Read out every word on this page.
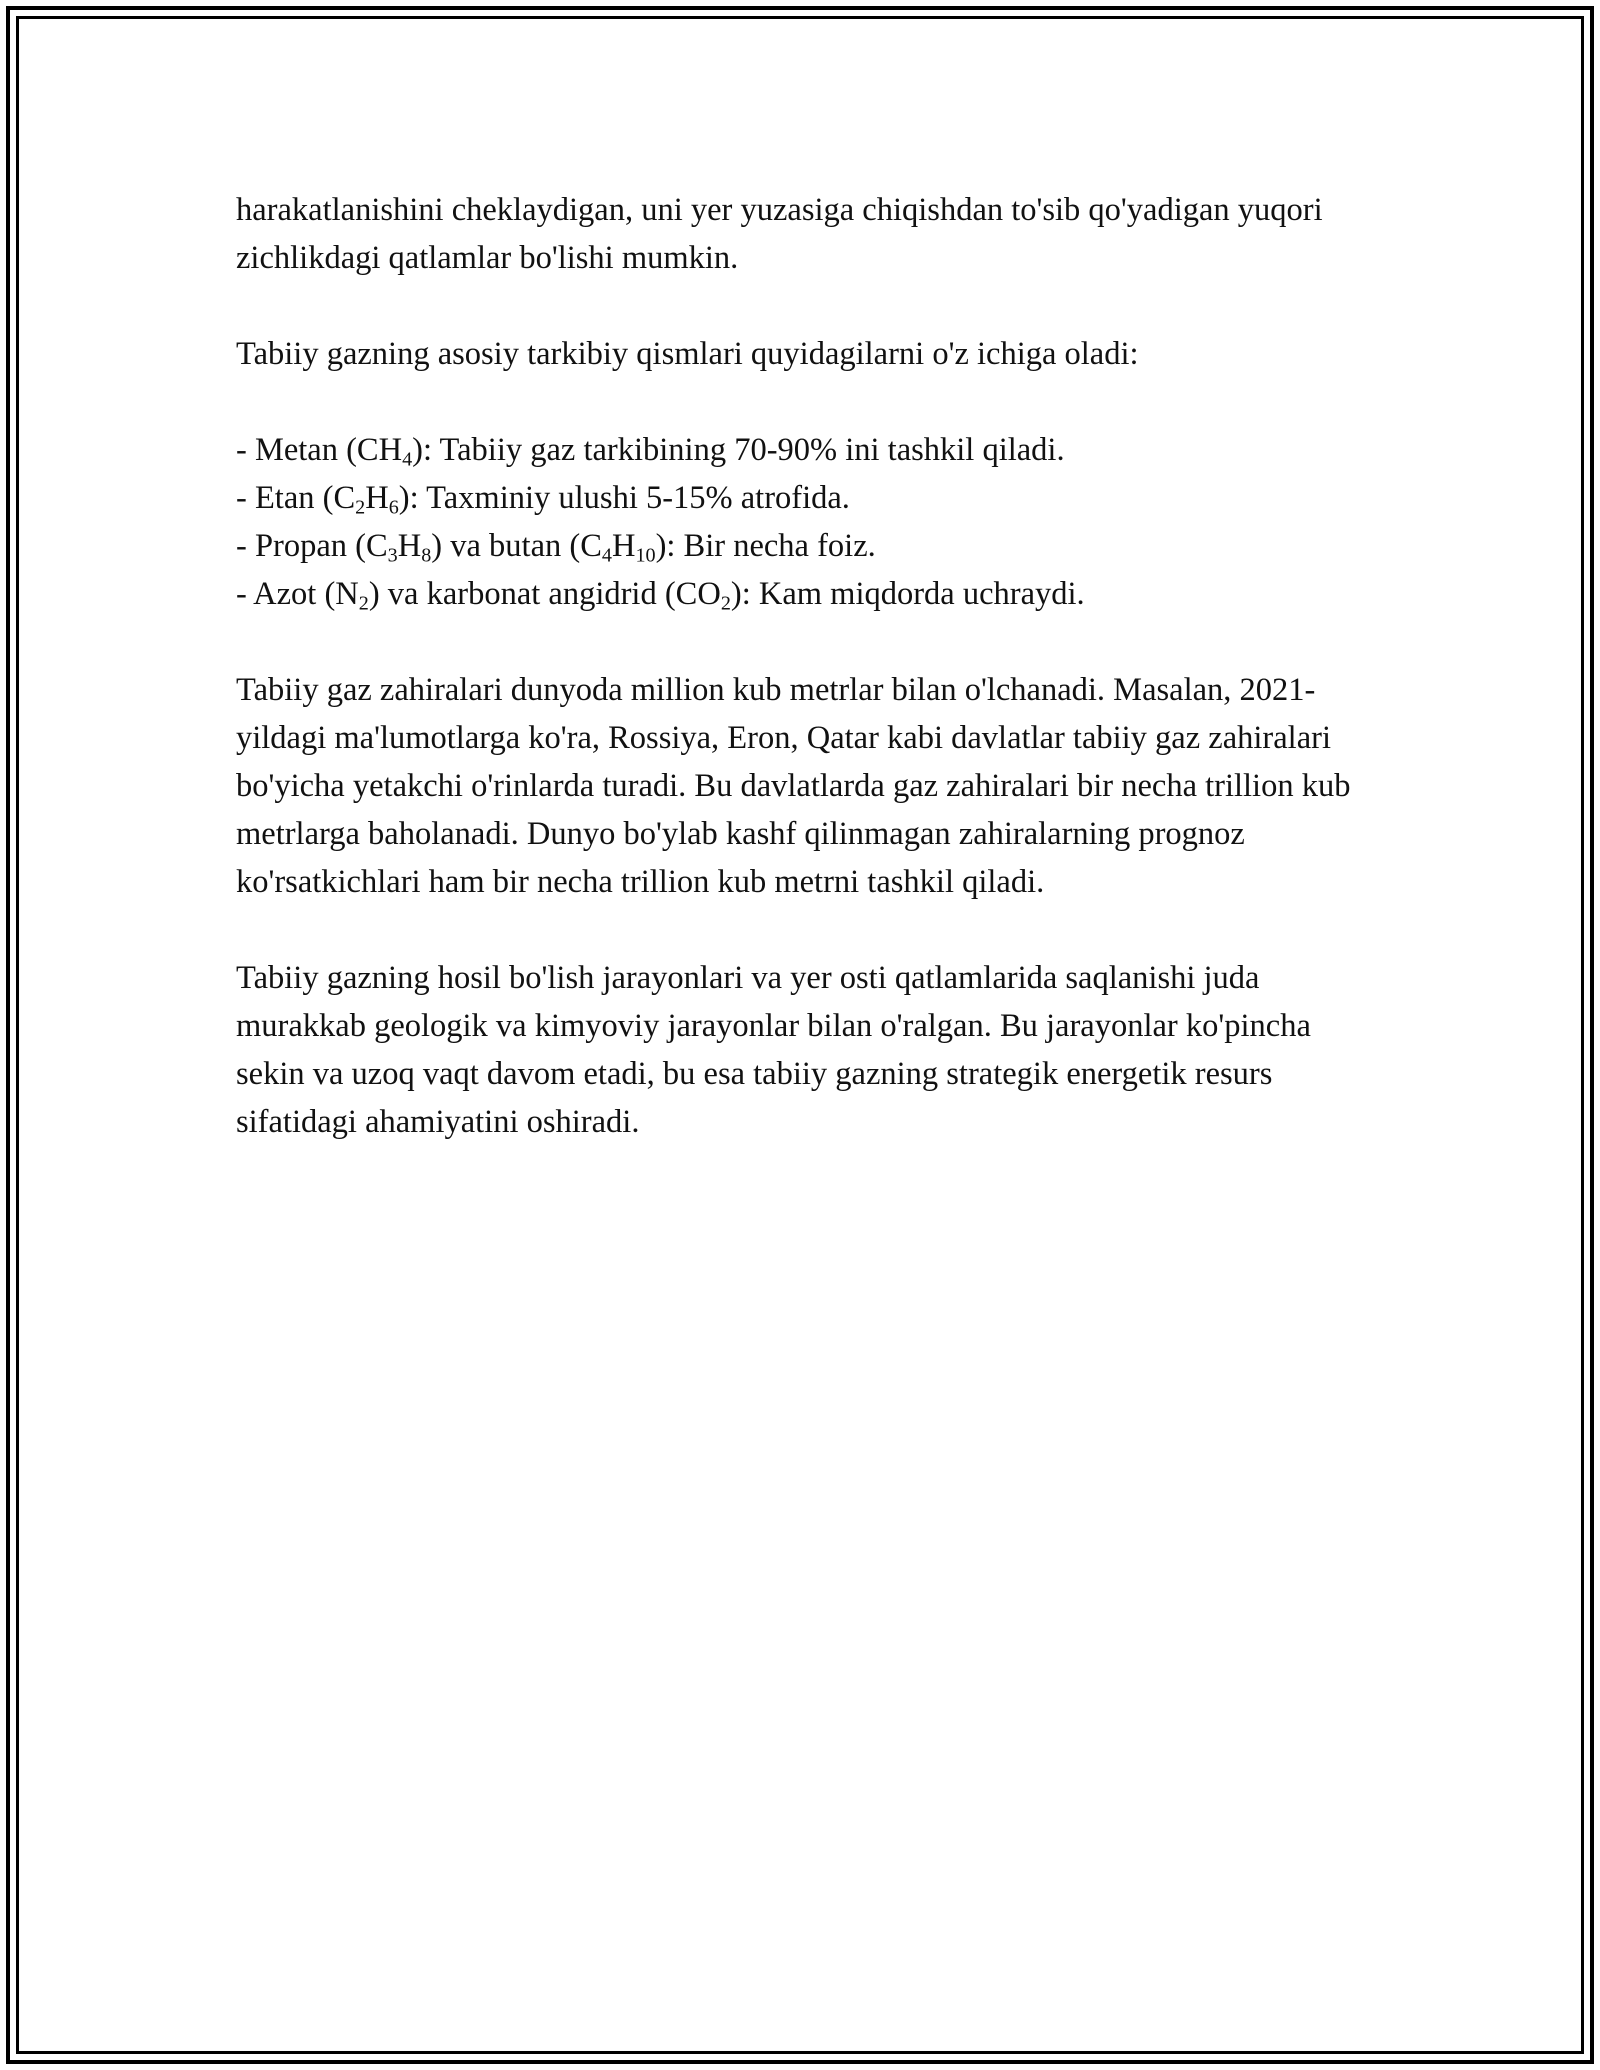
harakatlanishini cheklaydigan, uni yer yuzasiga chiqishdan to'sib qo'yadigan yuqori zichlikdagi qatlamlar bo'lishi mumkin.

Tabiiy gazning asosiy tarkibiy qismlari quyidagilarni o'z ichiga oladi:

- Metan $(CH_4)$: Tabiiy gaz tarkibining 70-90% ini tashkil qiladi.
- Etan $(C_2H_6)$: Taxminiy ulushi 5-15% atrofida.
- Propan $(C_3H_8)$ va butan $(C_4H_{10})$: Bir necha foiz.
- Azot $(N_2)$ va karbonat angidrid $(CO_2)$: Kam miqdorda uchraydi.

Tabiiy gaz zahiralari dunyoda million kub metrlar bilan o'lchanadi. Masalan, 2021-yildagi ma'lumotlarga ko'ra, Rossiya, Eron, Qatar kabi davlatlar tabiiy gaz zahiralari bo'yicha yetakchi o'rinlarda turadi. Bu davlatlarda gaz zahiralari bir necha trillion kub metrlarga baholanadi. Dunyo bo'ylab kashf qilinmagan zahiralarning prognoz ko'rsatkichlari ham bir necha trillion kub metrni tashkil qiladi.

Tabiiy gazning hosil bo'lish jarayonlari va yer osti qatlamlarida saqlanishi juda murakkab geologik va kimyoviy jarayonlar bilan o'ralgan. Bu jarayonlar ko'pincha sekin va uzoq vaqt davom etadi, bu esa tabiiy gazning strategik energetik resurs sifatidagi ahamiyatini oshiradi.
